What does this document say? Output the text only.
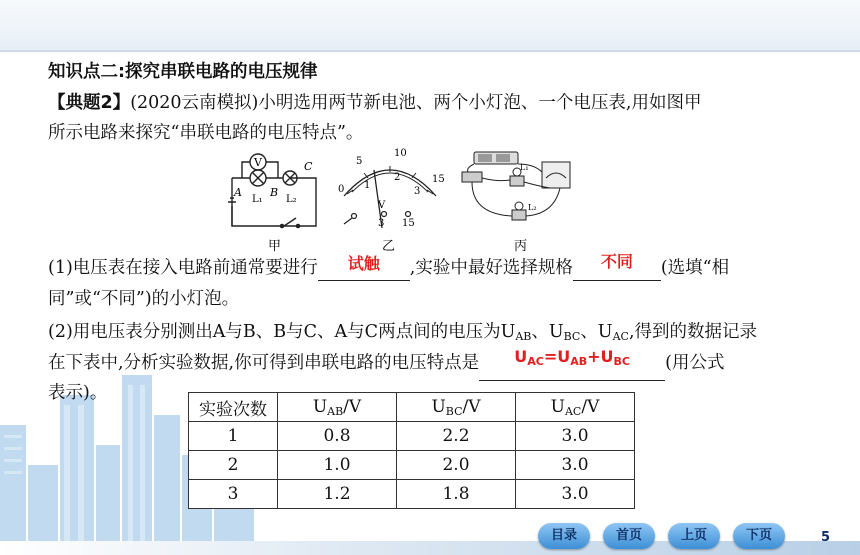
知识点二:探究串联电路的电压规律
【典题2】(2020云南模拟)小明选用两节新电池、两个小灯泡、一个电压表,用如图甲
所示电路来探究“串联电路的电压特点”。
V
A	B
C
L₁ L₂
甲
0
5
10
15
1
2
3
V
3 15
乙
L₁
L₂
丙
(1)电压表在接入电路前通常要进行 试触 ,实验中最好选择规格 不同 (选填“相
同”或“不同”)的小灯泡。
(2)用电压表分别测出A与B、B与C、A与C两点间的电压为$U_{AB}$、$U_{BC}$、$U_{AC}$,得到的数据记录
在下表中,分析实验数据,你可得到串联电路的电压特点是 $U_{AC}=U_{AB}+U_{BC}$ (用公式
表示)。
实验次数	$U_{AB}/V$	$U_{BC}/V$	$U_{AC}/V$
1	0.8	2.2	3.0
2	1.0	2.0	3.0
3	1.2	1.8	3.0
目录	首页	上页	下页	5
